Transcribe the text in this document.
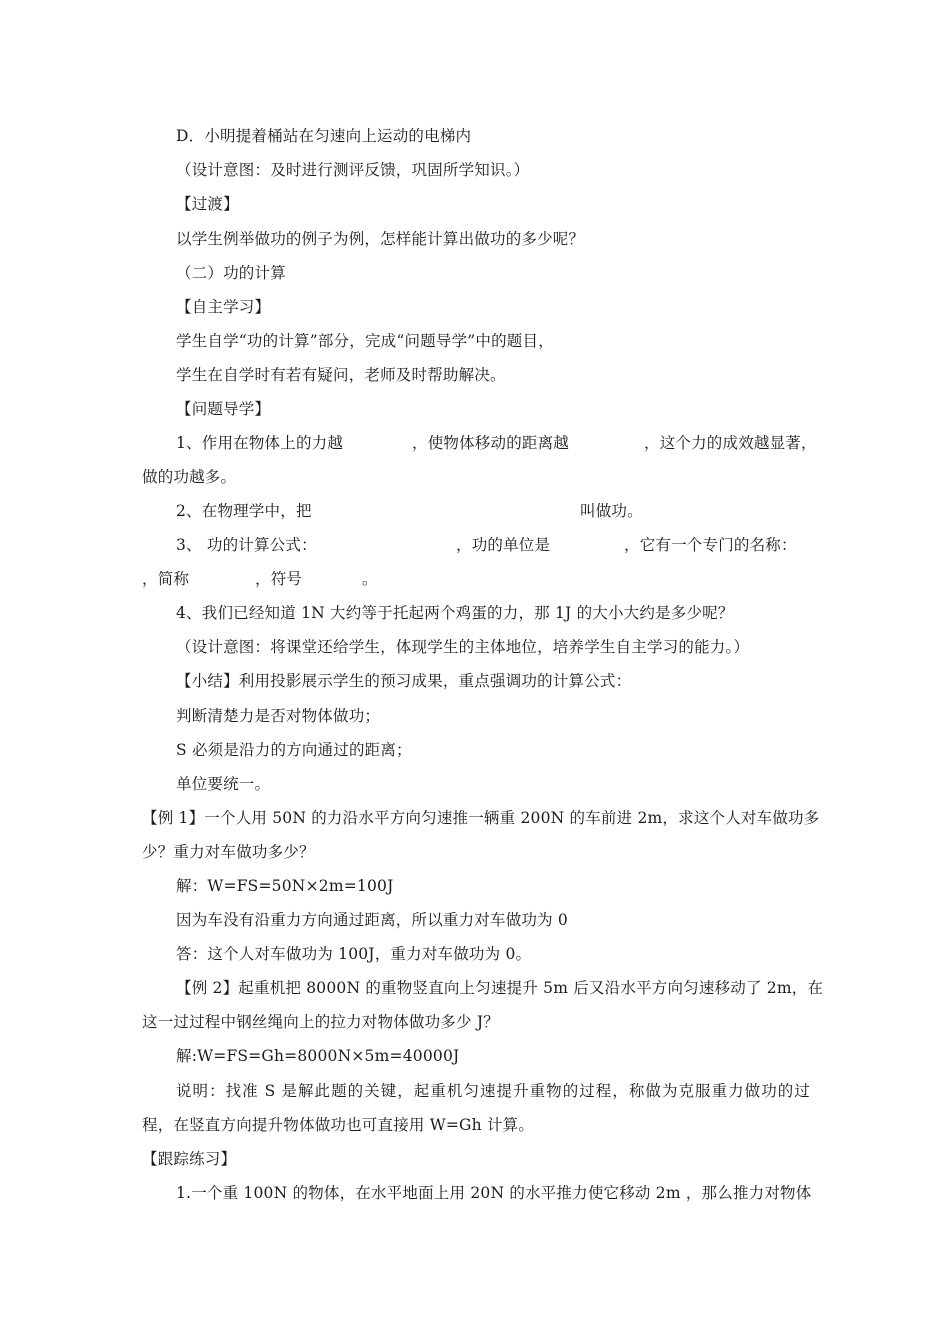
D．小明提着桶站在匀速向上运动的电梯内
（设计意图：及时进行测评反馈，巩固所学知识。）
【过渡】
以学生例举做功的例子为例，怎样能计算出做功的多少呢？
（二）功的计算
【自主学习】
学生自学“功的计算”部分，完成“问题导学”中的题目，
学生在自学时有若有疑问，老师及时帮助解决。
【问题导学】
1、作用在物体上的力越	，使物体移动的距离越	，这个力的成效越显著，
做的功越多。
2、在物理学中，把	叫做功。
3、 功的计算公式：	，功的单位是	，它有一个专门的名称：
，简称	，符号	。
4、我们已经知道 1N 大约等于托起两个鸡蛋的力，那 1J 的大小大约是多少呢？
（设计意图：将课堂还给学生，体现学生的主体地位，培养学生自主学习的能力。）
【小结】利用投影展示学生的预习成果，重点强调功的计算公式：
判断清楚力是否对物体做功；
S 必须是沿力的方向通过的距离；
单位要统一。
【例 1】一个人用 50N 的力沿水平方向匀速推一辆重 200N 的车前进 2m，求这个人对车做功多
少？重力对车做功多少？
解：W=FS=50N×2m=100J
因为车没有沿重力方向通过距离，所以重力对车做功为 0
答：这个人对车做功为 100J，重力对车做功为 0。
【例 2】起重机把 8000N 的重物竖直向上匀速提升 5m 后又沿水平方向匀速移动了 2m，在
这一过过程中钢丝绳向上的拉力对物体做功多少 J？
解:W=FS=Gh=8000N×5m=40000J
说明：找准 S 是解此题的关键，起重机匀速提升重物的过程，称做为克服重力做功的过
程，在竖直方向提升物体做功也可直接用 W=Gh 计算。
【跟踪练习】
1.一个重 100N 的物体，在水平地面上用 20N 的水平推力使它移动 2m ，那么推力对物体
